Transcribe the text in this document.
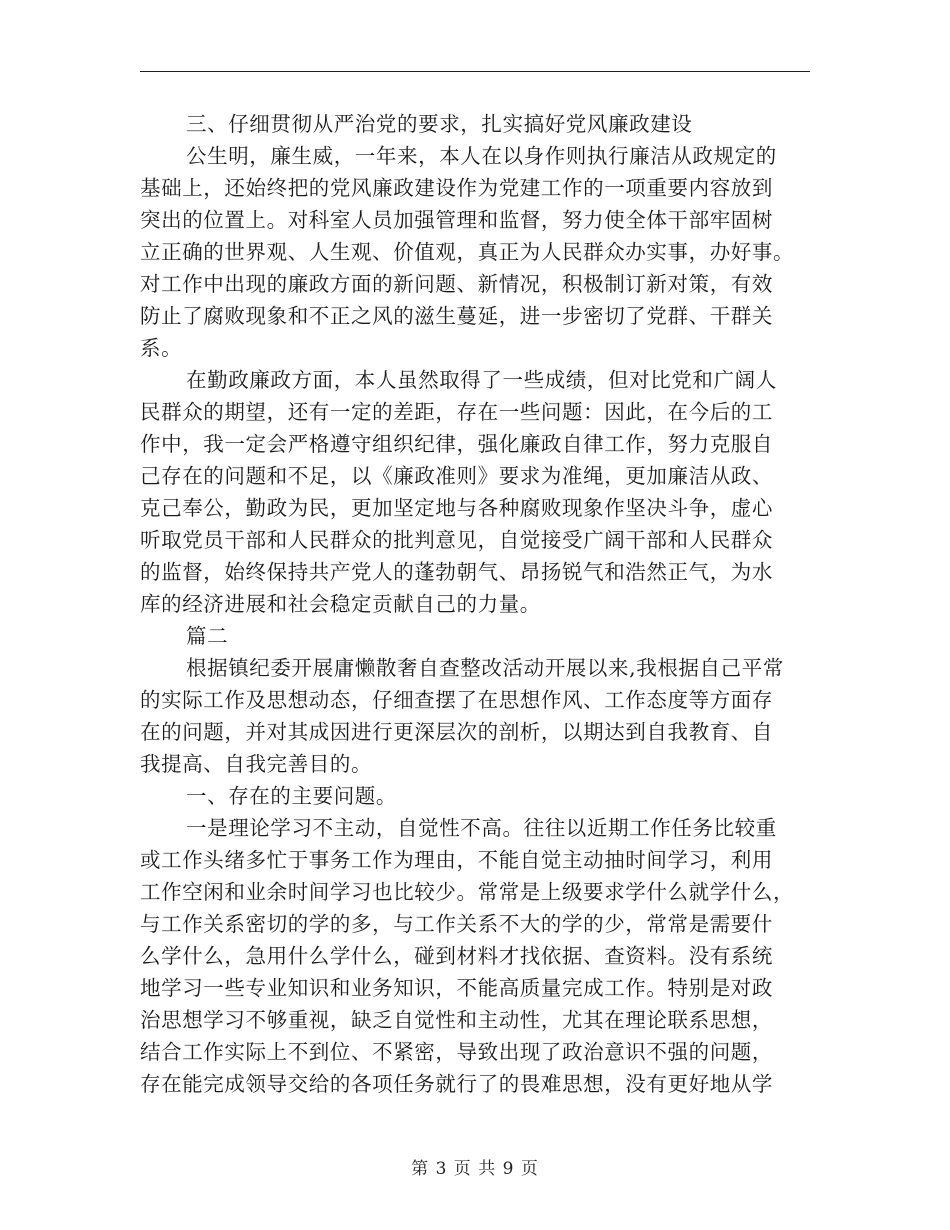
三、仔细贯彻从严治党的要求，扎实搞好党风廉政建设
公生明，廉生威，一年来，本人在以身作则执行廉洁从政规定的
基础上，还始终把的党风廉政建设作为党建工作的一项重要内容放到
突出的位置上。对科室人员加强管理和监督，努力使全体干部牢固树
立正确的世界观、人生观、价值观，真正为人民群众办实事，办好事。
对工作中出现的廉政方面的新问题、新情况，积极制订新对策，有效
防止了腐败现象和不正之风的滋生蔓延，进一步密切了党群、干群关
系。
在勤政廉政方面，本人虽然取得了一些成绩，但对比党和广阔人
民群众的期望，还有一定的差距，存在一些问题：因此，在今后的工
作中，我一定会严格遵守组织纪律，强化廉政自律工作，努力克服自
己存在的问题和不足，以《廉政准则》要求为准绳，更加廉洁从政、
克己奉公，勤政为民，更加坚定地与各种腐败现象作坚决斗争，虚心
听取党员干部和人民群众的批判意见，自觉接受广阔干部和人民群众
的监督，始终保持共产党人的蓬勃朝气、昂扬锐气和浩然正气，为水
库的经济进展和社会稳定贡献自己的力量。
篇二
根据镇纪委开展庸懒散奢自查整改活动开展以来,我根据自己平常
的实际工作及思想动态，仔细查摆了在思想作风、工作态度等方面存
在的问题，并对其成因进行更深层次的剖析，以期达到自我教育、自
我提高、自我完善目的。
一、存在的主要问题。
一是理论学习不主动，自觉性不高。往往以近期工作任务比较重
或工作头绪多忙于事务工作为理由，不能自觉主动抽时间学习，利用
工作空闲和业余时间学习也比较少。常常是上级要求学什么就学什么，
与工作关系密切的学的多，与工作关系不大的学的少，常常是需要什
么学什么，急用什么学什么，碰到材料才找依据、查资料。没有系统
地学习一些专业知识和业务知识，不能高质量完成工作。特别是对政
治思想学习不够重视，缺乏自觉性和主动性，尤其在理论联系思想，
结合工作实际上不到位、不紧密，导致出现了政治意识不强的问题，
存在能完成领导交给的各项任务就行了的畏难思想，没有更好地从学
第 3 页 共 9 页
